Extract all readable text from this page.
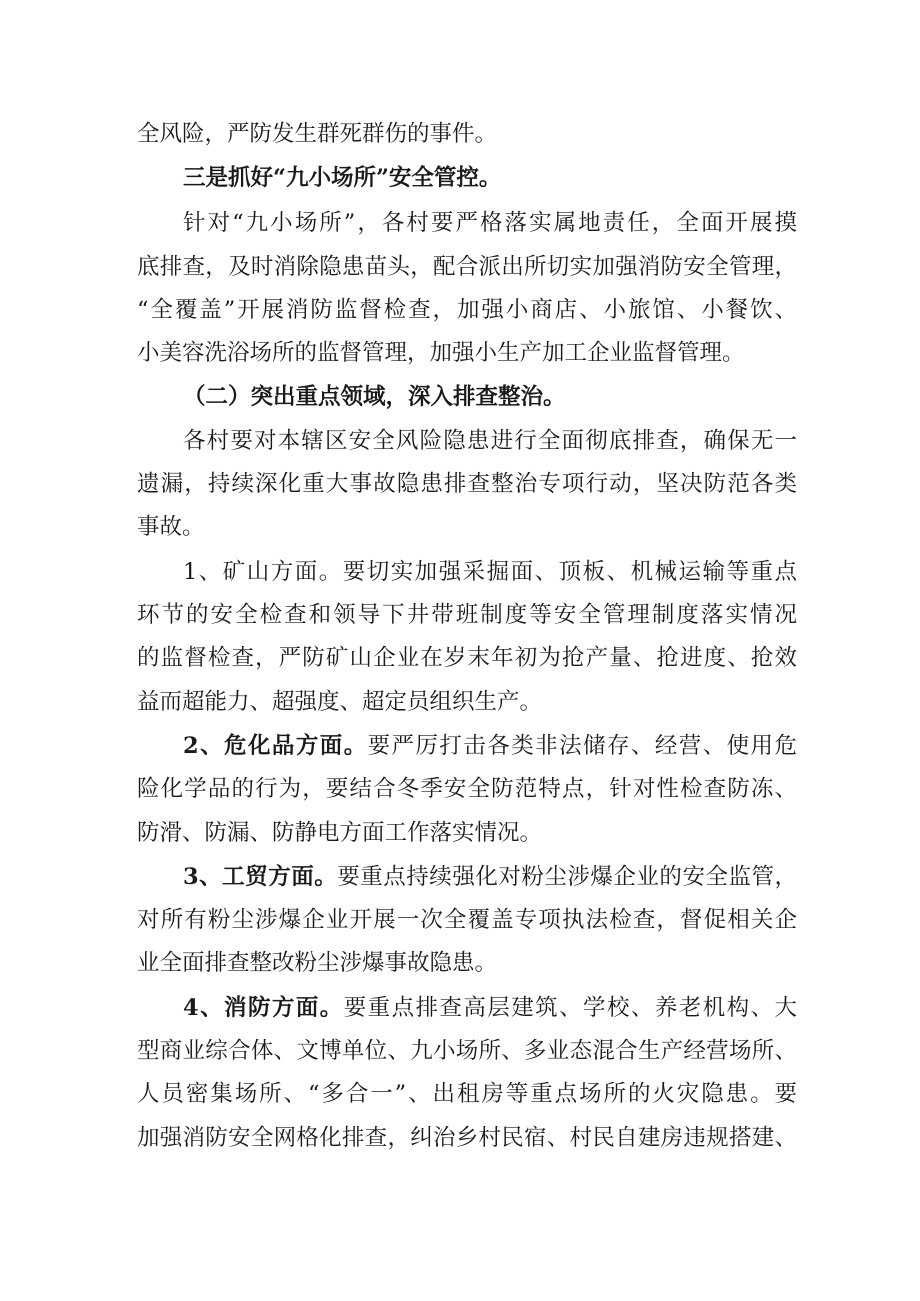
全风险，严防发生群死群伤的事件。
三是抓好“九小场所”安全管控。
针对“九小场所”，各村要严格落实属地责任，全面开展摸
底排查，及时消除隐患苗头，配合派出所切实加强消防安全管理，
“全覆盖”开展消防监督检查，加强小商店、小旅馆、小餐饮、
小美容洗浴场所的监督管理，加强小生产加工企业监督管理。
（二）突出重点领域，深入排查整治。
各村要对本辖区安全风险隐患进行全面彻底排查，确保无一
遗漏，持续深化重大事故隐患排查整治专项行动，坚决防范各类
事故。
1、矿山方面。要切实加强采掘面、顶板、机械运输等重点
环节的安全检查和领导下井带班制度等安全管理制度落实情况
的监督检查，严防矿山企业在岁末年初为抢产量、抢进度、抢效
益而超能力、超强度、超定员组织生产。
2、危化品方面。要严厉打击各类非法储存、经营、使用危
险化学品的行为，要结合冬季安全防范特点，针对性检查防冻、
防滑、防漏、防静电方面工作落实情况。
3、工贸方面。要重点持续强化对粉尘涉爆企业的安全监管，
对所有粉尘涉爆企业开展一次全覆盖专项执法检查，督促相关企
业全面排查整改粉尘涉爆事故隐患。
4、消防方面。要重点排查高层建筑、学校、养老机构、大
型商业综合体、文博单位、九小场所、多业态混合生产经营场所、
人员密集场所、“多合一”、出租房等重点场所的火灾隐患。要
加强消防安全网格化排查，纠治乡村民宿、村民自建房违规搭建、
